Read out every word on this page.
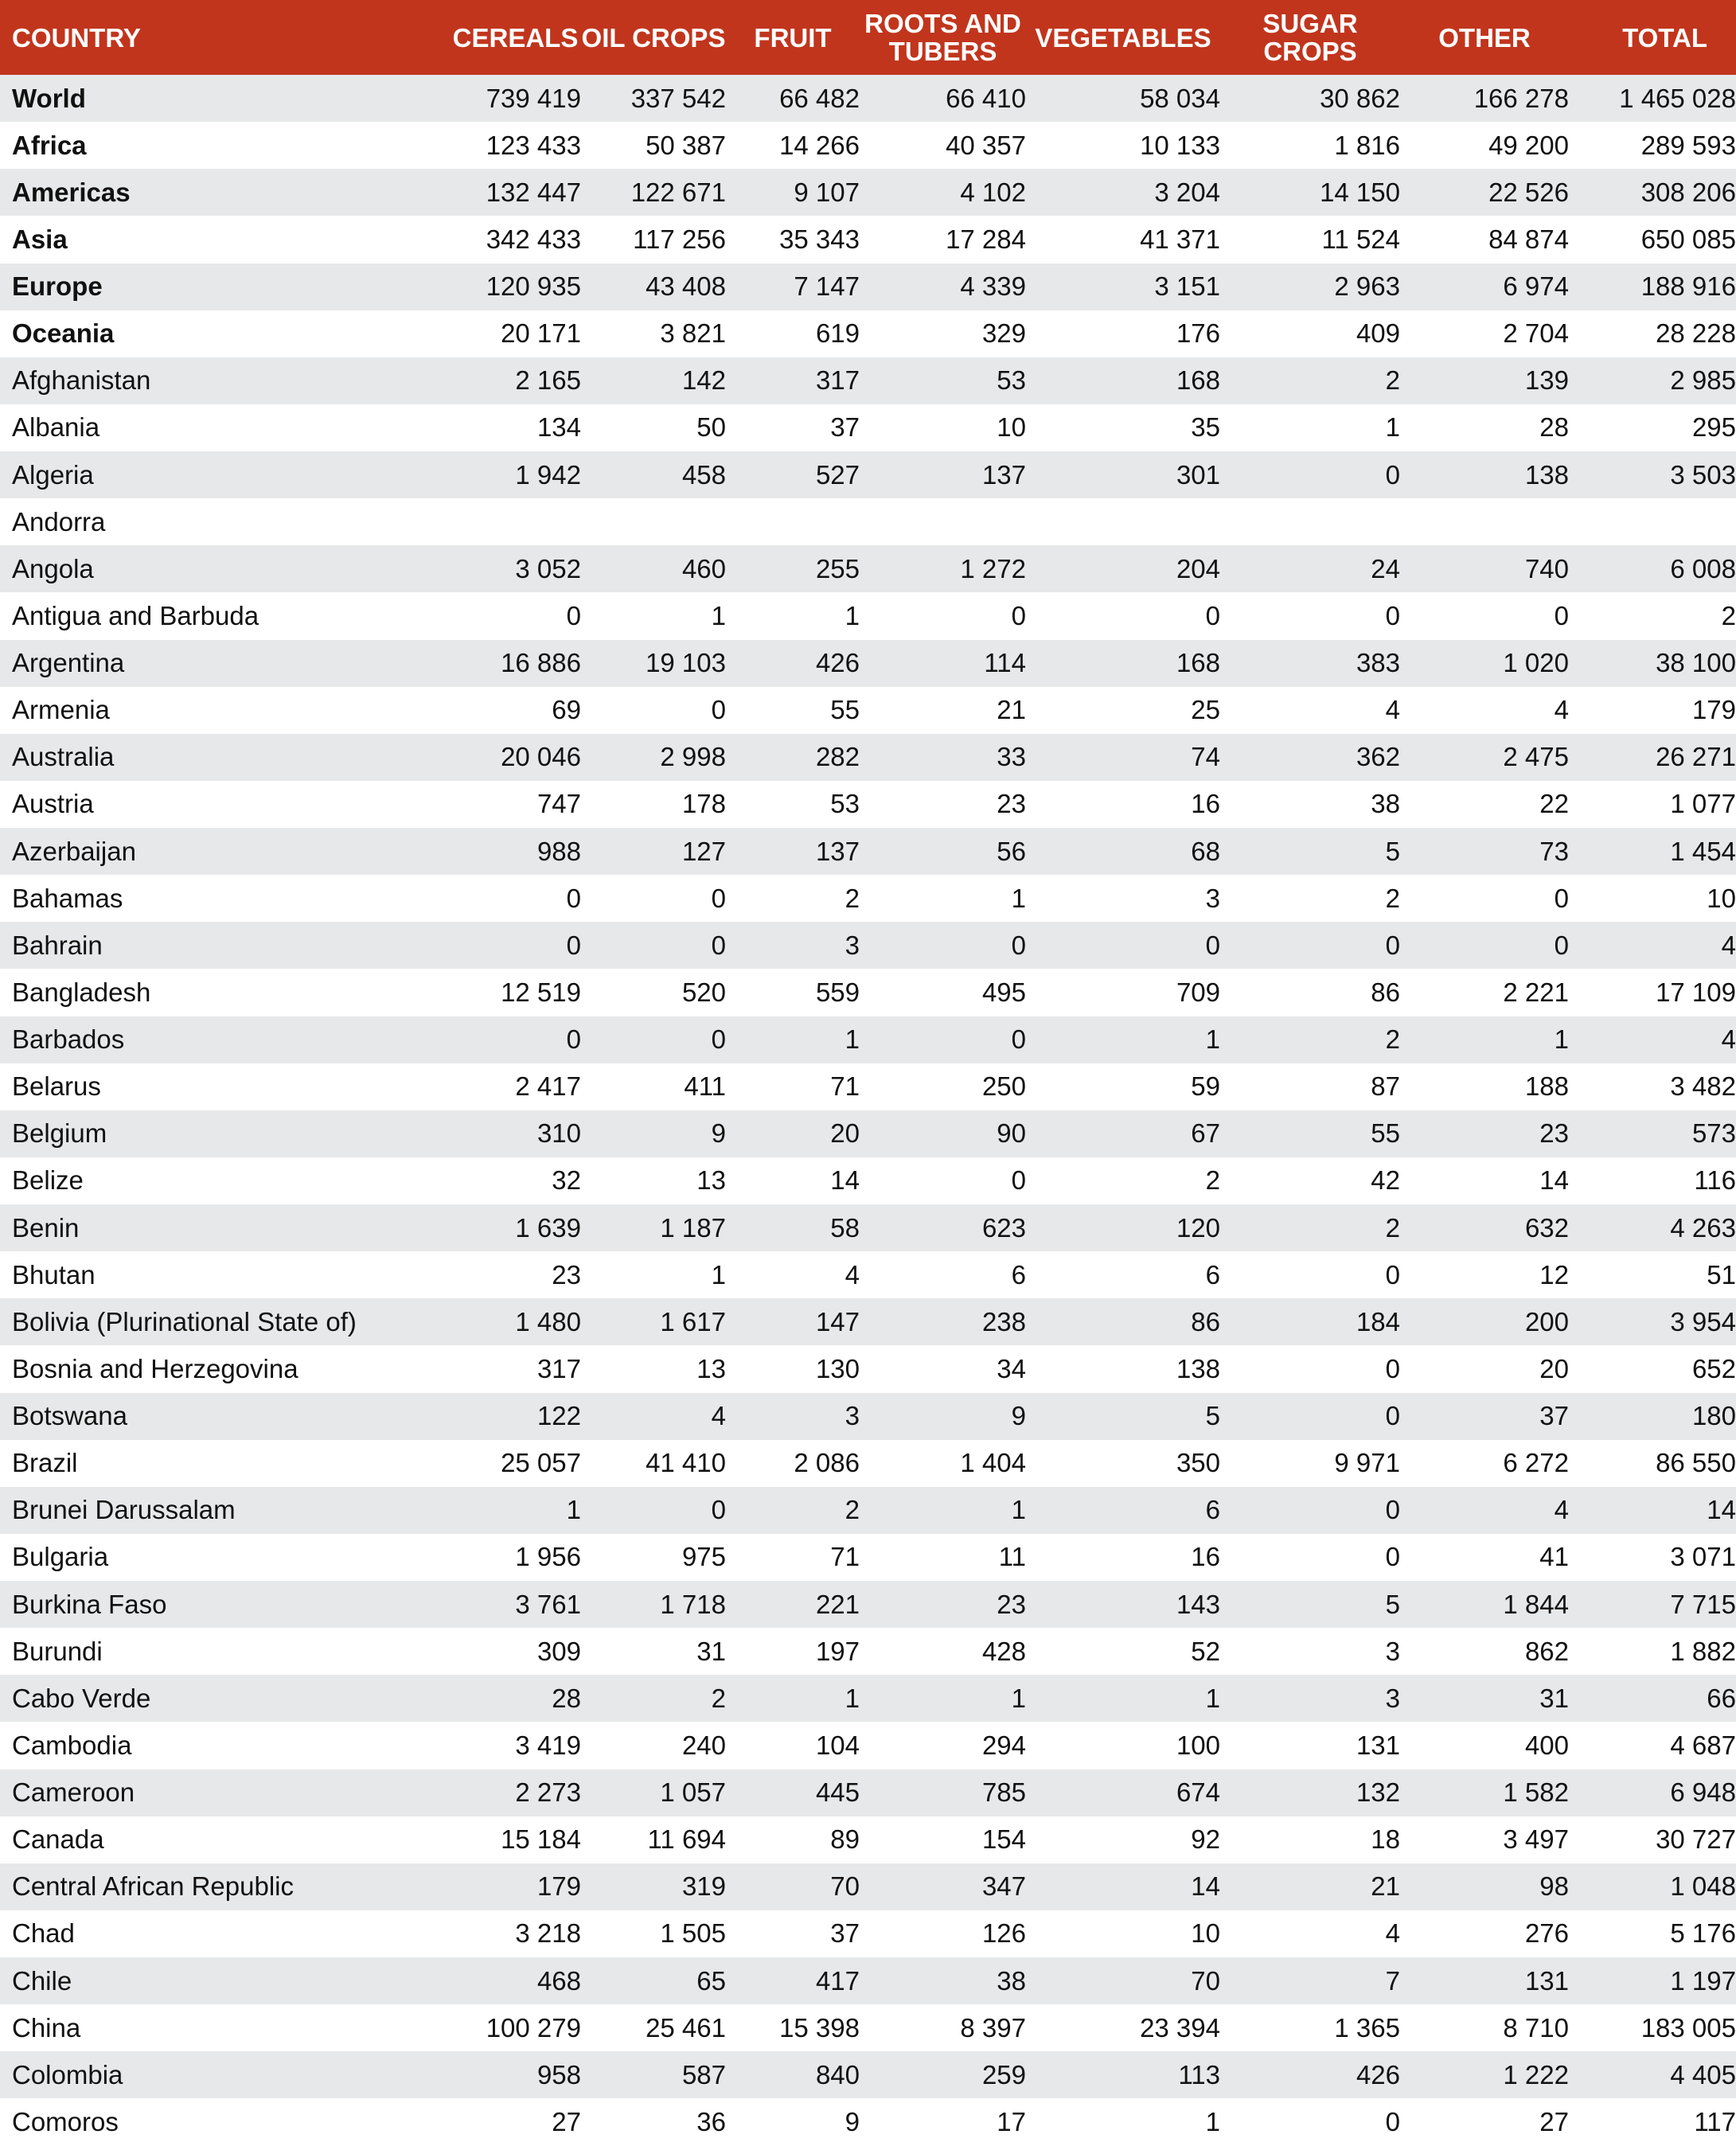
COUNTRY	CEREALS	OIL CROPS	FRUIT	ROOTS AND TUBERS	VEGETABLES	SUGAR CROPS	OTHER	TOTAL
World	739 419	337 542	66 482	66 410	58 034	30 862	166 278	1 465 028
Africa	123 433	50 387	14 266	40 357	10 133	1 816	49 200	289 593
Americas	132 447	122 671	9 107	4 102	3 204	14 150	22 526	308 206
Asia	342 433	117 256	35 343	17 284	41 371	11 524	84 874	650 085
Europe	120 935	43 408	7 147	4 339	3 151	2 963	6 974	188 916
Oceania	20 171	3 821	619	329	176	409	2 704	28 228
Afghanistan	2 165	142	317	53	168	2	139	2 985
Albania	134	50	37	10	35	1	28	295
Algeria	1 942	458	527	137	301	0	138	3 503
Andorra								
Angola	3 052	460	255	1 272	204	24	740	6 008
Antigua and Barbuda	0	1	1	0	0	0	0	2
Argentina	16 886	19 103	426	114	168	383	1 020	38 100
Armenia	69	0	55	21	25	4	4	179
Australia	20 046	2 998	282	33	74	362	2 475	26 271
Austria	747	178	53	23	16	38	22	1 077
Azerbaijan	988	127	137	56	68	5	73	1 454
Bahamas	0	0	2	1	3	2	0	10
Bahrain	0	0	3	0	0	0	0	4
Bangladesh	12 519	520	559	495	709	86	2 221	17 109
Barbados	0	0	1	0	1	2	1	4
Belarus	2 417	411	71	250	59	87	188	3 482
Belgium	310	9	20	90	67	55	23	573
Belize	32	13	14	0	2	42	14	116
Benin	1 639	1 187	58	623	120	2	632	4 263
Bhutan	23	1	4	6	6	0	12	51
Bolivia (Plurinational State of)	1 480	1 617	147	238	86	184	200	3 954
Bosnia and Herzegovina	317	13	130	34	138	0	20	652
Botswana	122	4	3	9	5	0	37	180
Brazil	25 057	41 410	2 086	1 404	350	9 971	6 272	86 550
Brunei Darussalam	1	0	2	1	6	0	4	14
Bulgaria	1 956	975	71	11	16	0	41	3 071
Burkina Faso	3 761	1 718	221	23	143	5	1 844	7 715
Burundi	309	31	197	428	52	3	862	1 882
Cabo Verde	28	2	1	1	1	3	31	66
Cambodia	3 419	240	104	294	100	131	400	4 687
Cameroon	2 273	1 057	445	785	674	132	1 582	6 948
Canada	15 184	11 694	89	154	92	18	3 497	30 727
Central African Republic	179	319	70	347	14	21	98	1 048
Chad	3 218	1 505	37	126	10	4	276	5 176
Chile	468	65	417	38	70	7	131	1 197
China	100 279	25 461	15 398	8 397	23 394	1 365	8 710	183 005
Colombia	958	587	840	259	113	426	1 222	4 405
Comoros	27	36	9	17	1	0	27	117
